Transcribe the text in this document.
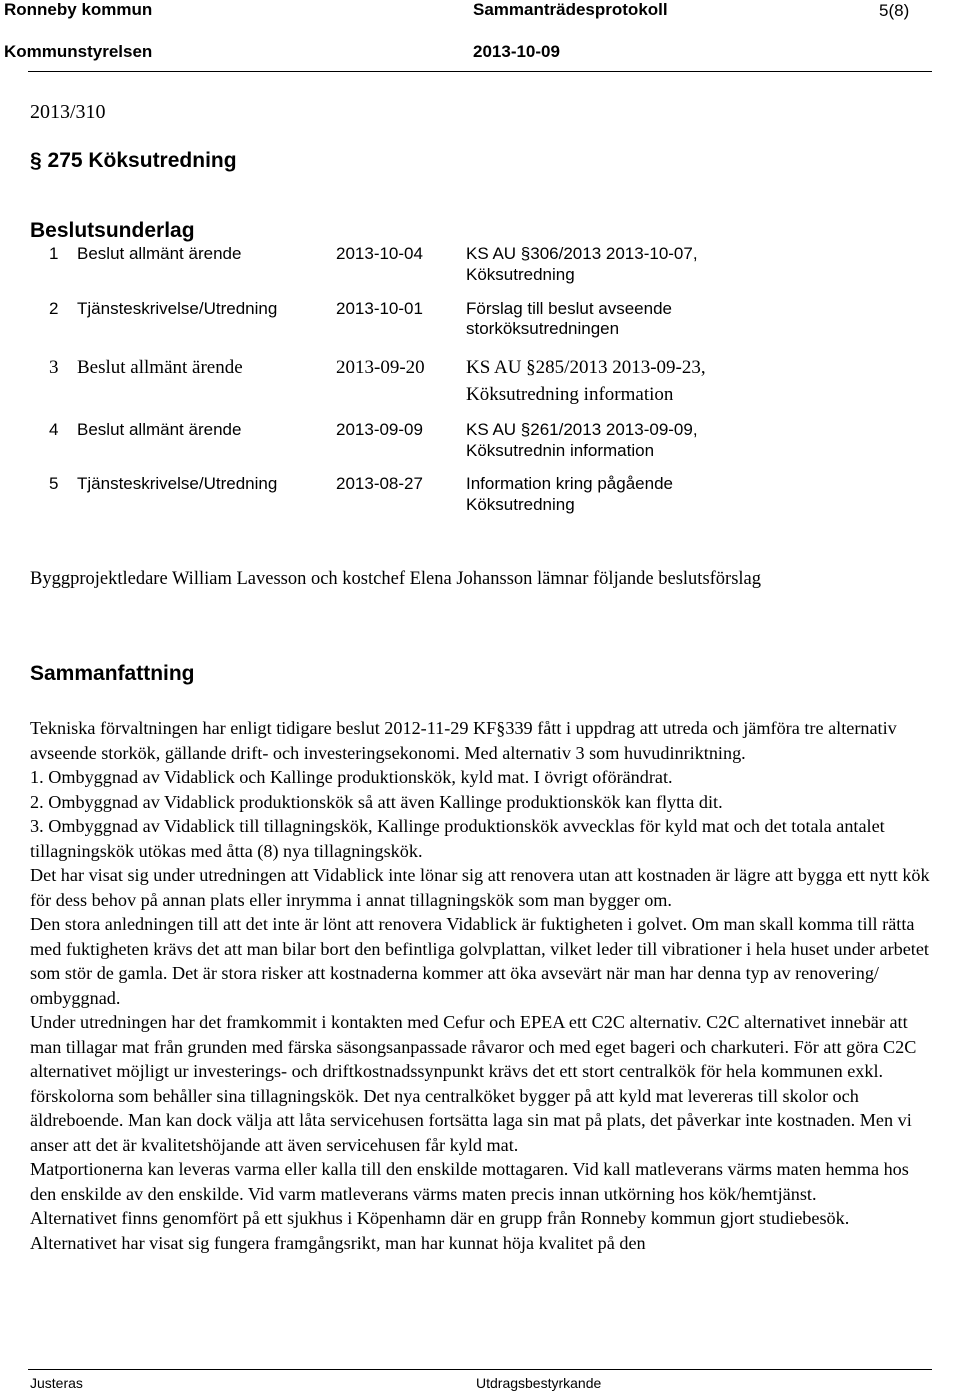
Ronneby kommun	Sammanträdesprotokoll	5(8)
Kommunstyrelsen	2013-10-09
2013/310
§ 275 Köksutredning
Beslutsunderlag
1 Beslut allmänt ärende	2013-10-04	KS AU §306/2013 2013-10-07,
Köksutredning
2 Tjänsteskrivelse/Utredning	2013-10-01	Förslag till beslut avseende
storköksutredningen
3 Beslut allmänt ärende	2013-09-20 KS AU §285/2013 2013-09-23,
Köksutredning information
4 Beslut allmänt ärende	2013-09-09	KS AU §261/2013 2013-09-09,
Köksutrednin information
5 Tjänsteskrivelse/Utredning	2013-08-27	Information kring pågående
Köksutredning
Byggprojektledare William Lavesson och kostchef Elena Johansson lämnar följande beslutsförslag
Sammanfattning

Tekniska förvaltningen har enligt tidigare beslut 2012-11-29 KF§339 fått i uppdrag att utreda och jämföra tre alternativ avseende storkök, gällande drift- och investeringsekonomi. Med alternativ 3 som huvudinriktning.

1. Ombyggnad av Vidablick och Kallinge produktionskök, kyld mat. I övrigt oförändrat.

2. Ombyggnad av Vidablick produktionskök så att även Kallinge produktionskök kan flytta dit.

3. Ombyggnad av Vidablick till tillagningskök, Kallinge produktionskök avvecklas för kyld mat och det totala antalet tillagningskök utökas med åtta (8) nya tillagningskök.

Det har visat sig under utredningen att Vidablick inte lönar sig att renovera utan att kostnaden är lägre att bygga ett nytt kök för dess behov på annan plats eller inrymma i annat tillagningskök som man bygger om.

Den stora anledningen till att det inte är lönt att renovera Vidablick är fuktigheten i golvet. Om man skall komma till rätta med fuktigheten krävs det att man bilar bort den befintliga golvplattan, vilket leder till vibrationer i hela huset under arbetet som stör de gamla. Det är stora risker att kostnaderna kommer att öka avsevärt när man har denna typ av renovering/ ombyggnad.

Under utredningen har det framkommit i kontakten med Cefur och EPEA ett C2C alternativ. C2C alternativet innebär att man tillagar mat från grunden med färska säsongsanpassade råvaror och med eget bageri och charkuteri. För att göra C2C alternativet möjligt ur investerings- och driftkostnadssynpunkt krävs det ett stort centralkök för hela kommunen exkl. förskolorna som behåller sina tillagningskök. Det nya centralköket bygger på att kyld mat levereras till skolor och äldreboende. Man kan dock välja att låta servicehusen fortsätta laga sin mat på plats, det påverkar inte kostnaden. Men vi anser att det är kvalitetshöjande att även servicehusen får kyld mat.

Matportionerna kan leveras varma eller kalla till den enskilde mottagaren. Vid kall matleverans värms maten hemma hos den enskilde av den enskilde. Vid varm matleverans värms maten precis innan utkörning hos kök/hemtjänst.

Alternativet finns genomfört på ett sjukhus i Köpenhamn där en grupp från Ronneby kommun gjort studiebesök. Alternativet har visat sig fungera framgångsrikt, man har kunnat höja kvalitet på den

Justeras	Utdragsbestyrkande
